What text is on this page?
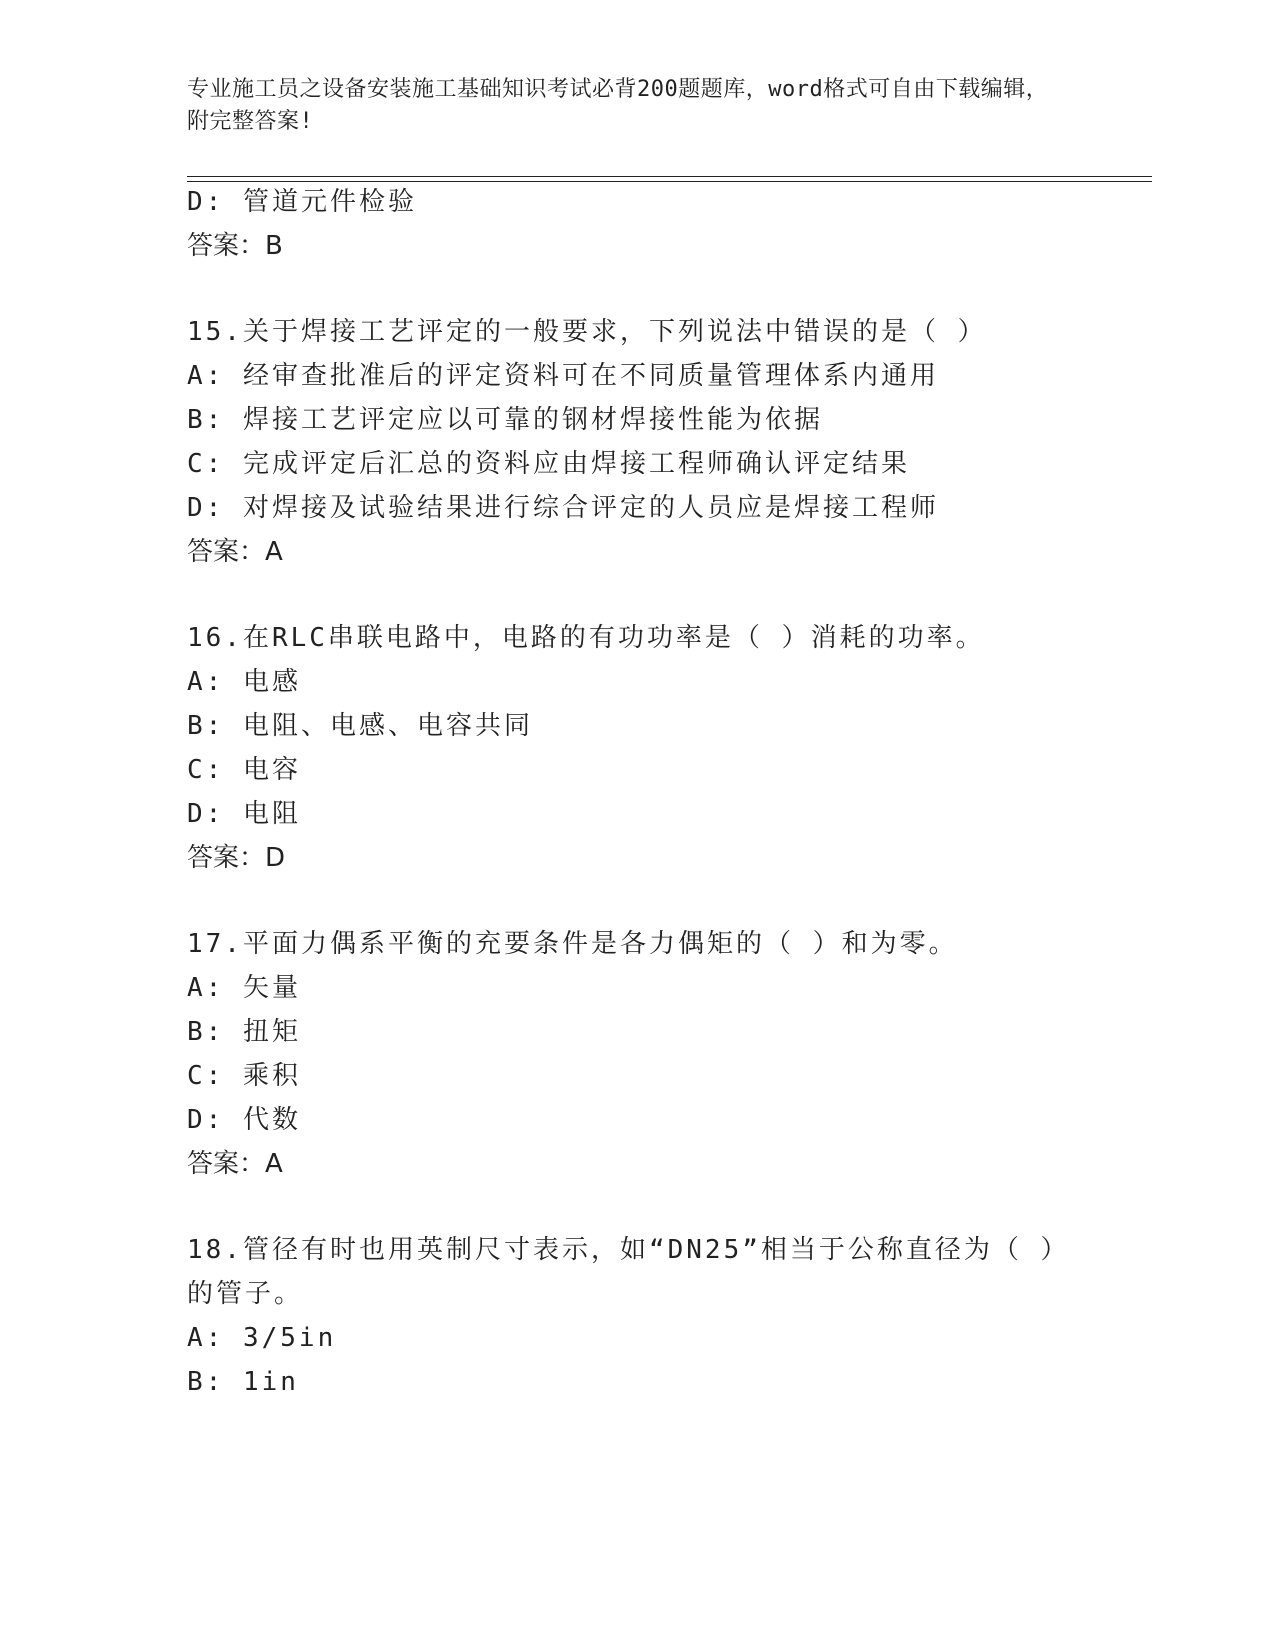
专业施工员之设备安装施工基础知识考试必背200题题库，word格式可自由下载编辑，附完整答案!
D: 管道元件检验
答案：B
15.关于焊接工艺评定的一般要求，下列说法中错误的是（ ）
A: 经审查批准后的评定资料可在不同质量管理体系内通用
B: 焊接工艺评定应以可靠的钢材焊接性能为依据
C: 完成评定后汇总的资料应由焊接工程师确认评定结果
D: 对焊接及试验结果进行综合评定的人员应是焊接工程师
答案：A
16.在RLC串联电路中，电路的有功功率是（ ）消耗的功率。
A: 电感
B: 电阻、电感、电容共同
C: 电容
D: 电阻
答案：D
17.平面力偶系平衡的充要条件是各力偶矩的（ ）和为零。
A: 矢量
B: 扭矩
C: 乘积
D: 代数
答案：A
18.管径有时也用英制尺寸表示，如“DN25”相当于公称直径为（ ）
的管子。
A: 3/5in
B: 1in
